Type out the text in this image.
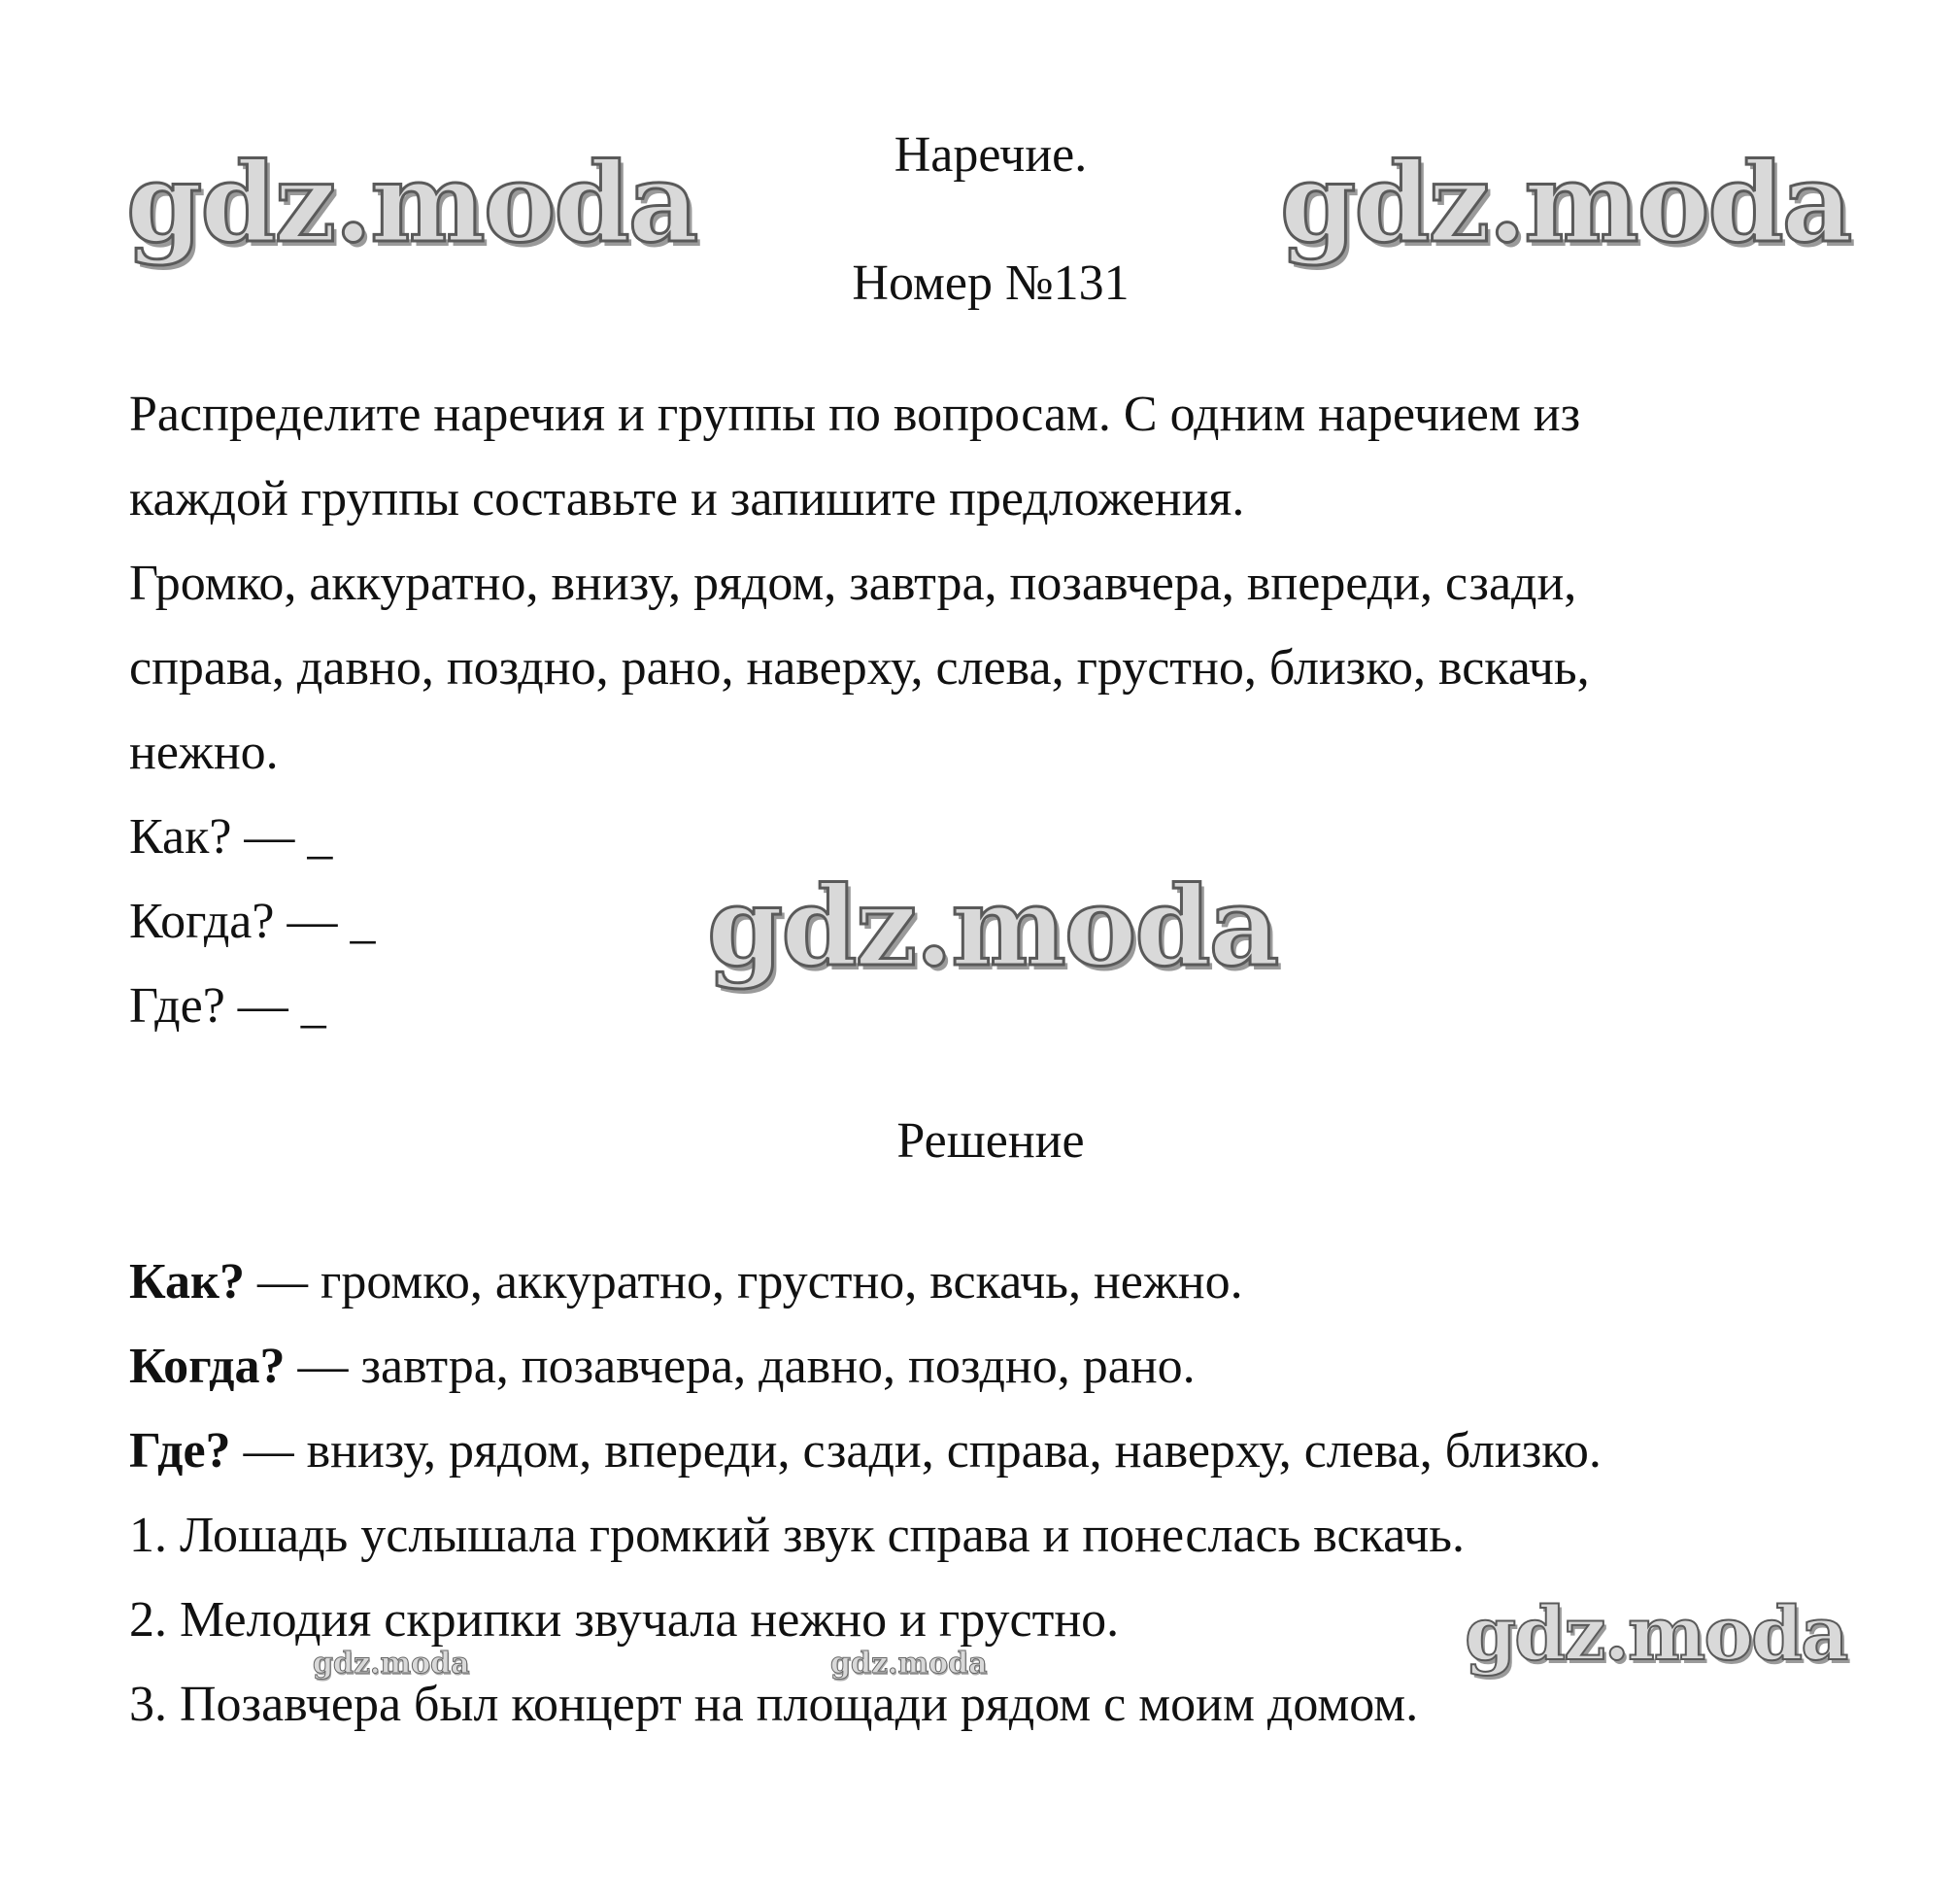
Наречие.
Номер №131
Распределите наречия и группы по вопросам. С одним наречием из
каждой группы составьте и запишите предложения.
Громко, аккуратно, внизу, рядом, завтра, позавчера, впереди, сзади,
справа, давно, поздно, рано, наверху, слева, грустно, близко, вскачь,
нежно.
Как? — _
Когда? — _
Где? — _
Решение
Как? — громко, аккуратно, грустно, вскачь, нежно.
Когда? — завтра, позавчера, давно, поздно, рано.
Где? — внизу, рядом, впереди, сзади, справа, наверху, слева, близко.
1. Лошадь услышала громкий звук справа и понеслась вскачь.
2. Мелодия скрипки звучала нежно и грустно.
3. Позавчера был концерт на площади рядом с моим домом.
gdz.moda	gdz.moda
gdz.moda
gdz.moda
gdz.moda	gdz.moda
